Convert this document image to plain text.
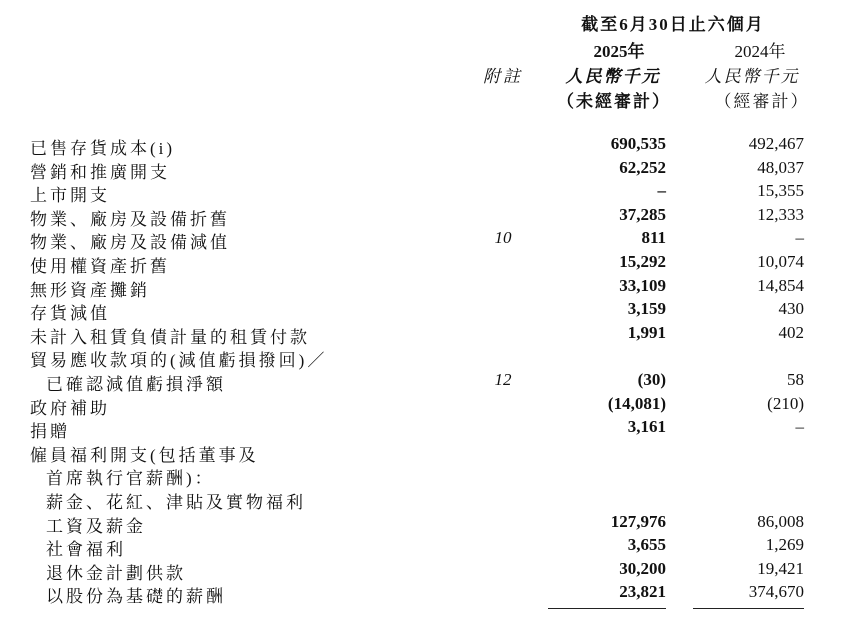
截至6月30日止六個月
2025年	2024年
附註	人民幣千元	人民幣千元
（未經審計）	（經審計）
已售存貨成本(i)	690,535	492,467
營銷和推廣開支	62,252	48,037
上市開支	–	15,355
物業、廠房及設備折舊	37,285	12,333
物業、廠房及設備減值	10	811	–
使用權資產折舊	15,292	10,074
無形資產攤銷	33,109	14,854
存貨減值	3,159	430
未計入租賃負債計量的租賃付款	1,991	402
貿易應收款項的(減值虧損撥回)／
已確認減值虧損淨額	12	(30)	58
政府補助	(14,081)	(210)
捐贈	3,161	–
僱員福利開支(包括董事及
首席執行官薪酬)：
薪金、花紅、津貼及實物福利
工資及薪金	127,976	86,008
社會福利	3,655	1,269
退休金計劃供款	30,200	19,421
以股份為基礎的薪酬	23,821	374,670
